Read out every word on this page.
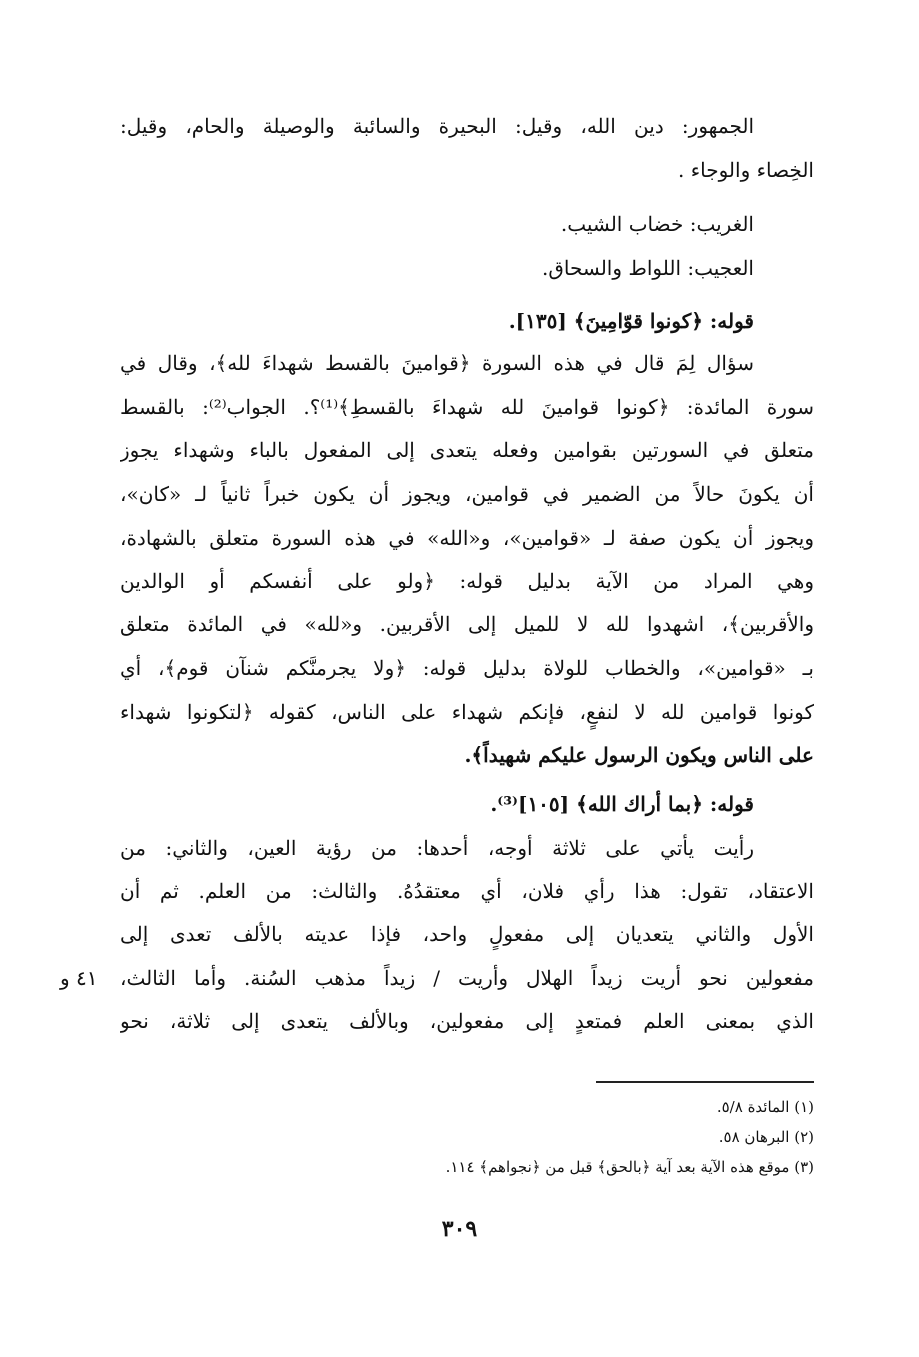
الجمهور: دين الله، وقيل: البحيرة والسائبة والوصيلة والحام، وقيل:
الخِصاء والوجاء .
الغريب: خضاب الشيب.
العجيب: اللواط والسحاق.
قوله: ﴿كونوا قوّامِينَ﴾ [١٣٥].
سؤال لِمَ قال في هذه السورة ﴿قوامينَ بالقسط شهداءَ لله﴾، وقال في
سورة المائدة: ﴿كونوا قوامينَ لله شهداءَ بالقسطِ﴾⁽¹⁾؟. الجواب⁽²⁾: بالقسط
متعلق في السورتين بقوامين وفعله يتعدى إلى المفعول بالباء وشهداء يجوز
أن يكونَ حالاً من الضمير في قوامين، ويجوز أن يكون خبراً ثانياً لـ «كان»،
ويجوز أن يكون صفة لـ «قوامين»، و«الله» في هذه السورة متعلق بالشهادة،
وهي المراد من الآية بدليل قوله: ﴿ولو على أنفسكم أو الوالدين
والأقربين﴾، اشهدوا لله لا للميل إلى الأقربين. و«لله» في المائدة متعلق
بـ «قوامين»، والخطاب للولاة بدليل قوله: ﴿ولا يجرمنَّكم شنآن قوم﴾، أي
كونوا قوامين لله لا لنفعٍ، فإنكم شهداء على الناس، كقوله ﴿لتكونوا شهداء
على الناس ويكون الرسول عليكم شهيداً﴾.
قوله: ﴿بما أراك الله﴾ [١٠٥]⁽³⁾.
رأيت يأتي على ثلاثة أوجه، أحدها: من رؤية العين، والثاني: من
الاعتقاد، تقول: هذا رأي فلان، أي معتقدُهُ. والثالث: من العلم. ثم أن
الأول والثاني يتعديان إلى مفعولٍ واحد، فإذا عديته بالألف تعدى إلى
مفعولين نحو أريت زيداً الهلال وأريت / زيداً مذهب السُنة. وأما الثالث،
الذي بمعنى العلم فمتعدٍ إلى مفعولين، وبالألف يتعدى إلى ثلاثة، نحو
٤١ و
(١) المائدة ٥/٨.
(٢) البرهان ٥٨.
(٣) موقع هذه الآية بعد آية ﴿بالحق﴾ قبل من ﴿نجواهم﴾ ١١٤.
٣٠٩
